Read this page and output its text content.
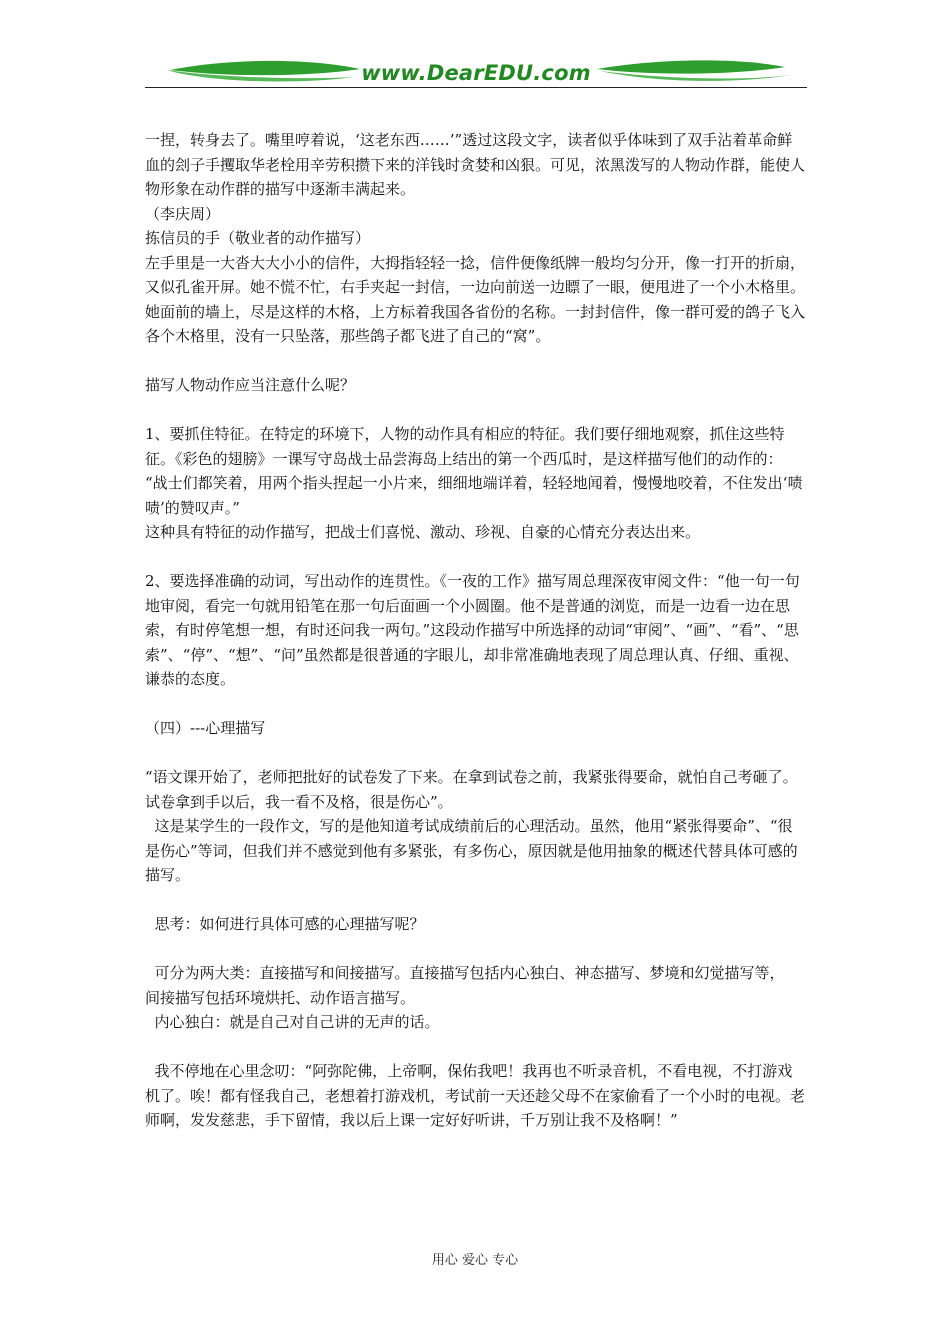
www.DearEDU.com

一捏，转身去了。嘴里哼着说，‘这老东西……’”透过这段文字，读者似乎体味到了双手沾着革命鲜血的刽子手攫取华老栓用辛劳积攒下来的洋钱时贪婪和凶狠。可见，浓黑泼写的人物动作群，能使人物形象在动作群的描写中逐渐丰满起来。

（李庆周）

拣信员的手（敬业者的动作描写）

左手里是一大沓大大小小的信件，大拇指轻轻一捻，信件便像纸牌一般均匀分开，像一打开的折扇，又似孔雀开屏。她不慌不忙，右手夹起一封信，一边向前送一边瞟了一眼，便甩进了一个小木格里。她面前的墙上，尽是这样的木格，上方标着我国各省份的名称。一封封信件，像一群可爱的鸽子飞入各个木格里，没有一只坠落，那些鸽子都飞进了自己的“窝”。

描写人物动作应当注意什么呢？

1、要抓住特征。在特定的环境下，人物的动作具有相应的特征。我们要仔细地观察，抓住这些特征。《彩色的翅膀》一课写守岛战士品尝海岛上结出的第一个西瓜时，是这样描写他们的动作的：

“战士们都笑着，用两个指头捏起一小片来，细细地端详着，轻轻地闻着，慢慢地咬着，不住发出‘啧啧’的赞叹声。”

这种具有特征的动作描写，把战士们喜悦、激动、珍视、自豪的心情充分表达出来。

2、要选择准确的动词，写出动作的连贯性。《一夜的工作》描写周总理深夜审阅文件：“他一句一句地审阅，看完一句就用铅笔在那一句后面画一个小圆圈。他不是普通的浏览，而是一边看一边在思索，有时停笔想一想，有时还问我一两句。”这段动作描写中所选择的动词“审阅”、“画”、“看”、“思索”、“停”、“想”、“问”虽然都是很普通的字眼儿，却非常准确地表现了周总理认真、仔细、重视、谦恭的态度。

（四）---心理描写

“语文课开始了，老师把批好的试卷发了下来。在拿到试卷之前，我紧张得要命，就怕自己考砸了。试卷拿到手以后，我一看不及格，很是伤心”。

这是某学生的一段作文，写的是他知道考试成绩前后的心理活动。虽然，他用“紧张得要命”、“很是伤心”等词，但我们并不感觉到他有多紧张，有多伤心，原因就是他用抽象的概述代替具体可感的描写。

思考：如何进行具体可感的心理描写呢？

可分为两大类：直接描写和间接描写。直接描写包括内心独白、神态描写、梦境和幻觉描写等，

间接描写包括环境烘托、动作语言描写。

内心独白：就是自己对自己讲的无声的话。

我不停地在心里念叨：“阿弥陀佛，上帝啊，保佑我吧！我再也不听录音机，不看电视，不打游戏机了。唉！都有怪我自己，老想着打游戏机，考试前一天还趁父母不在家偷看了一个小时的电视。老师啊，发发慈悲，手下留情，我以后上课一定好好听讲，千万别让我不及格啊！”

用心 爱心 专心
